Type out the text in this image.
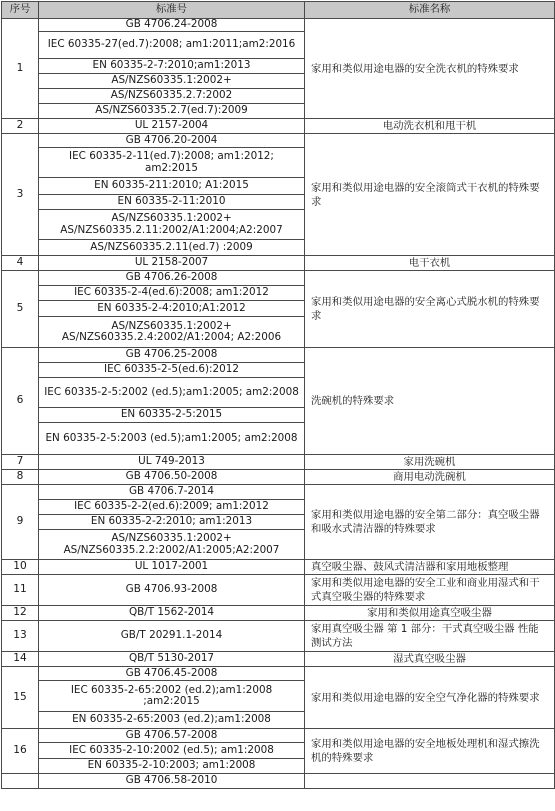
序号	标准号	标准名称
1	GB 4706.24-2008	家用和类似用途电器的安全洗衣机的特殊要求
	IEC 60335-27(ed.7):2008; am1:2011;am2:2016	
	EN 60335-2-7:2010;am1:2013	
	AS/NZS60335.1:2002+	
	AS/NZS60335.2.7:2002	
	AS/NZS60335.2.7(ed.7):2009	
2	UL 2157-2004	电动洗衣机和甩干机
3	GB 4706.20-2004	家用和类似用途电器的安全滚筒式干衣机的特殊要求
	IEC 60335-2-11(ed.7):2008; am1:2012; am2:2015	
	EN 60335-211:2010; A1:2015	
	EN 60335-2-11:2010	
	AS/NZS60335.1:2002+ AS/NZS60335.2.11:2002/A1:2004;A2:2007	
	AS/NZS60335.2.11(ed.7) :2009	
4	UL 2158-2007	电干衣机
5	GB 4706.26-2008	家用和类似用途电器的安全离心式脱水机的特殊要求
	IEC 60335-2-4(ed.6):2008; am1:2012	
	EN 60335-2-4:2010;A1:2012	
	AS/NZS60335.1:2002+ AS/NZS60335.2.4:2002/A1:2004; A2:2006	
6	GB 4706.25-2008	洗碗机的特殊要求
	IEC 60335-2-5(ed.6):2012	
	IEC 60335-2-5:2002 (ed.5);am1:2005; am2:2008	
	EN 60335-2-5:2015	
	EN 60335-2-5:2003 (ed.5);am1:2005; am2:2008	
7	UL 749-2013	家用洗碗机
8	GB 4706.50-2008	商用电动洗碗机
9	GB 4706.7-2014	家用和类似用途电器的安全第二部分：真空吸尘器和吸水式清洁器的特殊要求
	IEC 60335-2-2(ed.6):2009; am1:2012	
	EN 60335-2-2:2010; am1:2013	
	AS/NZS60335.1:2002+ AS/NZS60335.2.2:2002/A1:2005;A2:2007	
10	UL 1017-2001	真空吸尘器、鼓风式清洁器和家用地板整理
11	GB 4706.93-2008	家用和类似用途电器的安全工业和商业用湿式和干式真空吸尘器的特殊要求
12	QB/T 1562-2014	家用和类似用途真空吸尘器
13	GB/T 20291.1-2014	家用真空吸尘器 第 1 部分：干式真空吸尘器 性能测试方法
14	QB/T 5130-2017	湿式真空吸尘器
15	GB 4706.45-2008	家用和类似用途电器的安全空气净化器的特殊要求
	IEC 60335-2-65:2002 (ed.2);am1:2008 ;am2:2015	
	EN 60335-2-65:2003 (ed.2);am1:2008	
16	GB 4706.57-2008	家用和类似用途电器的安全地板处理机和湿式擦洗机的特殊要求
	IEC 60335-2-10:2002 (ed.5); am1:2008	
	EN 60335-2-10:2003; am1:2008	
	GB 4706.58-2010	
